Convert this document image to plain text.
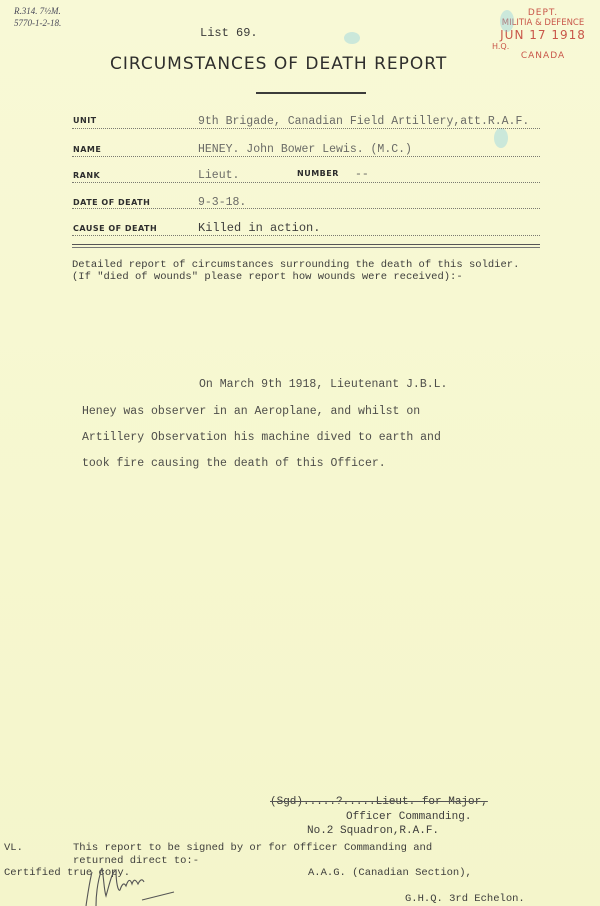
R.314. 7½M.
5770-1-2-18.
List 69.
CIRCUMSTANCES OF DEATH REPORT
DEPT.
MILITIA & DEFENCE
JUN 17 1918
H.Q.
CANADA
UNIT	9th Brigade, Canadian Field Artillery,att.R.A.F.
NAME	HENEY. John Bower Lewis. (M.C.)
RANK	Lieut.	NUMBER --
DATE OF DEATH	9-3-18.
CAUSE OF DEATH	Killed in action.
Detailed report of circumstances surrounding the death of this soldier.
(If "died of wounds" please report how wounds were received):-
On March 9th 1918, Lieutenant J.B.L.
Heney was observer in an Aeroplane, and whilst on
Artillery Observation his machine dived to earth and
took fire causing the death of this Officer.
(Sgd).....?.....Lieut. for Major,
Officer Commanding.
No.2 Squadron,R.A.F.
VL.	This report to be signed by or for Officer Commanding and
returned direct to:-
Certified true copy.	A.A.G. (Canadian Section),
G.H.Q. 3rd Echelon.
